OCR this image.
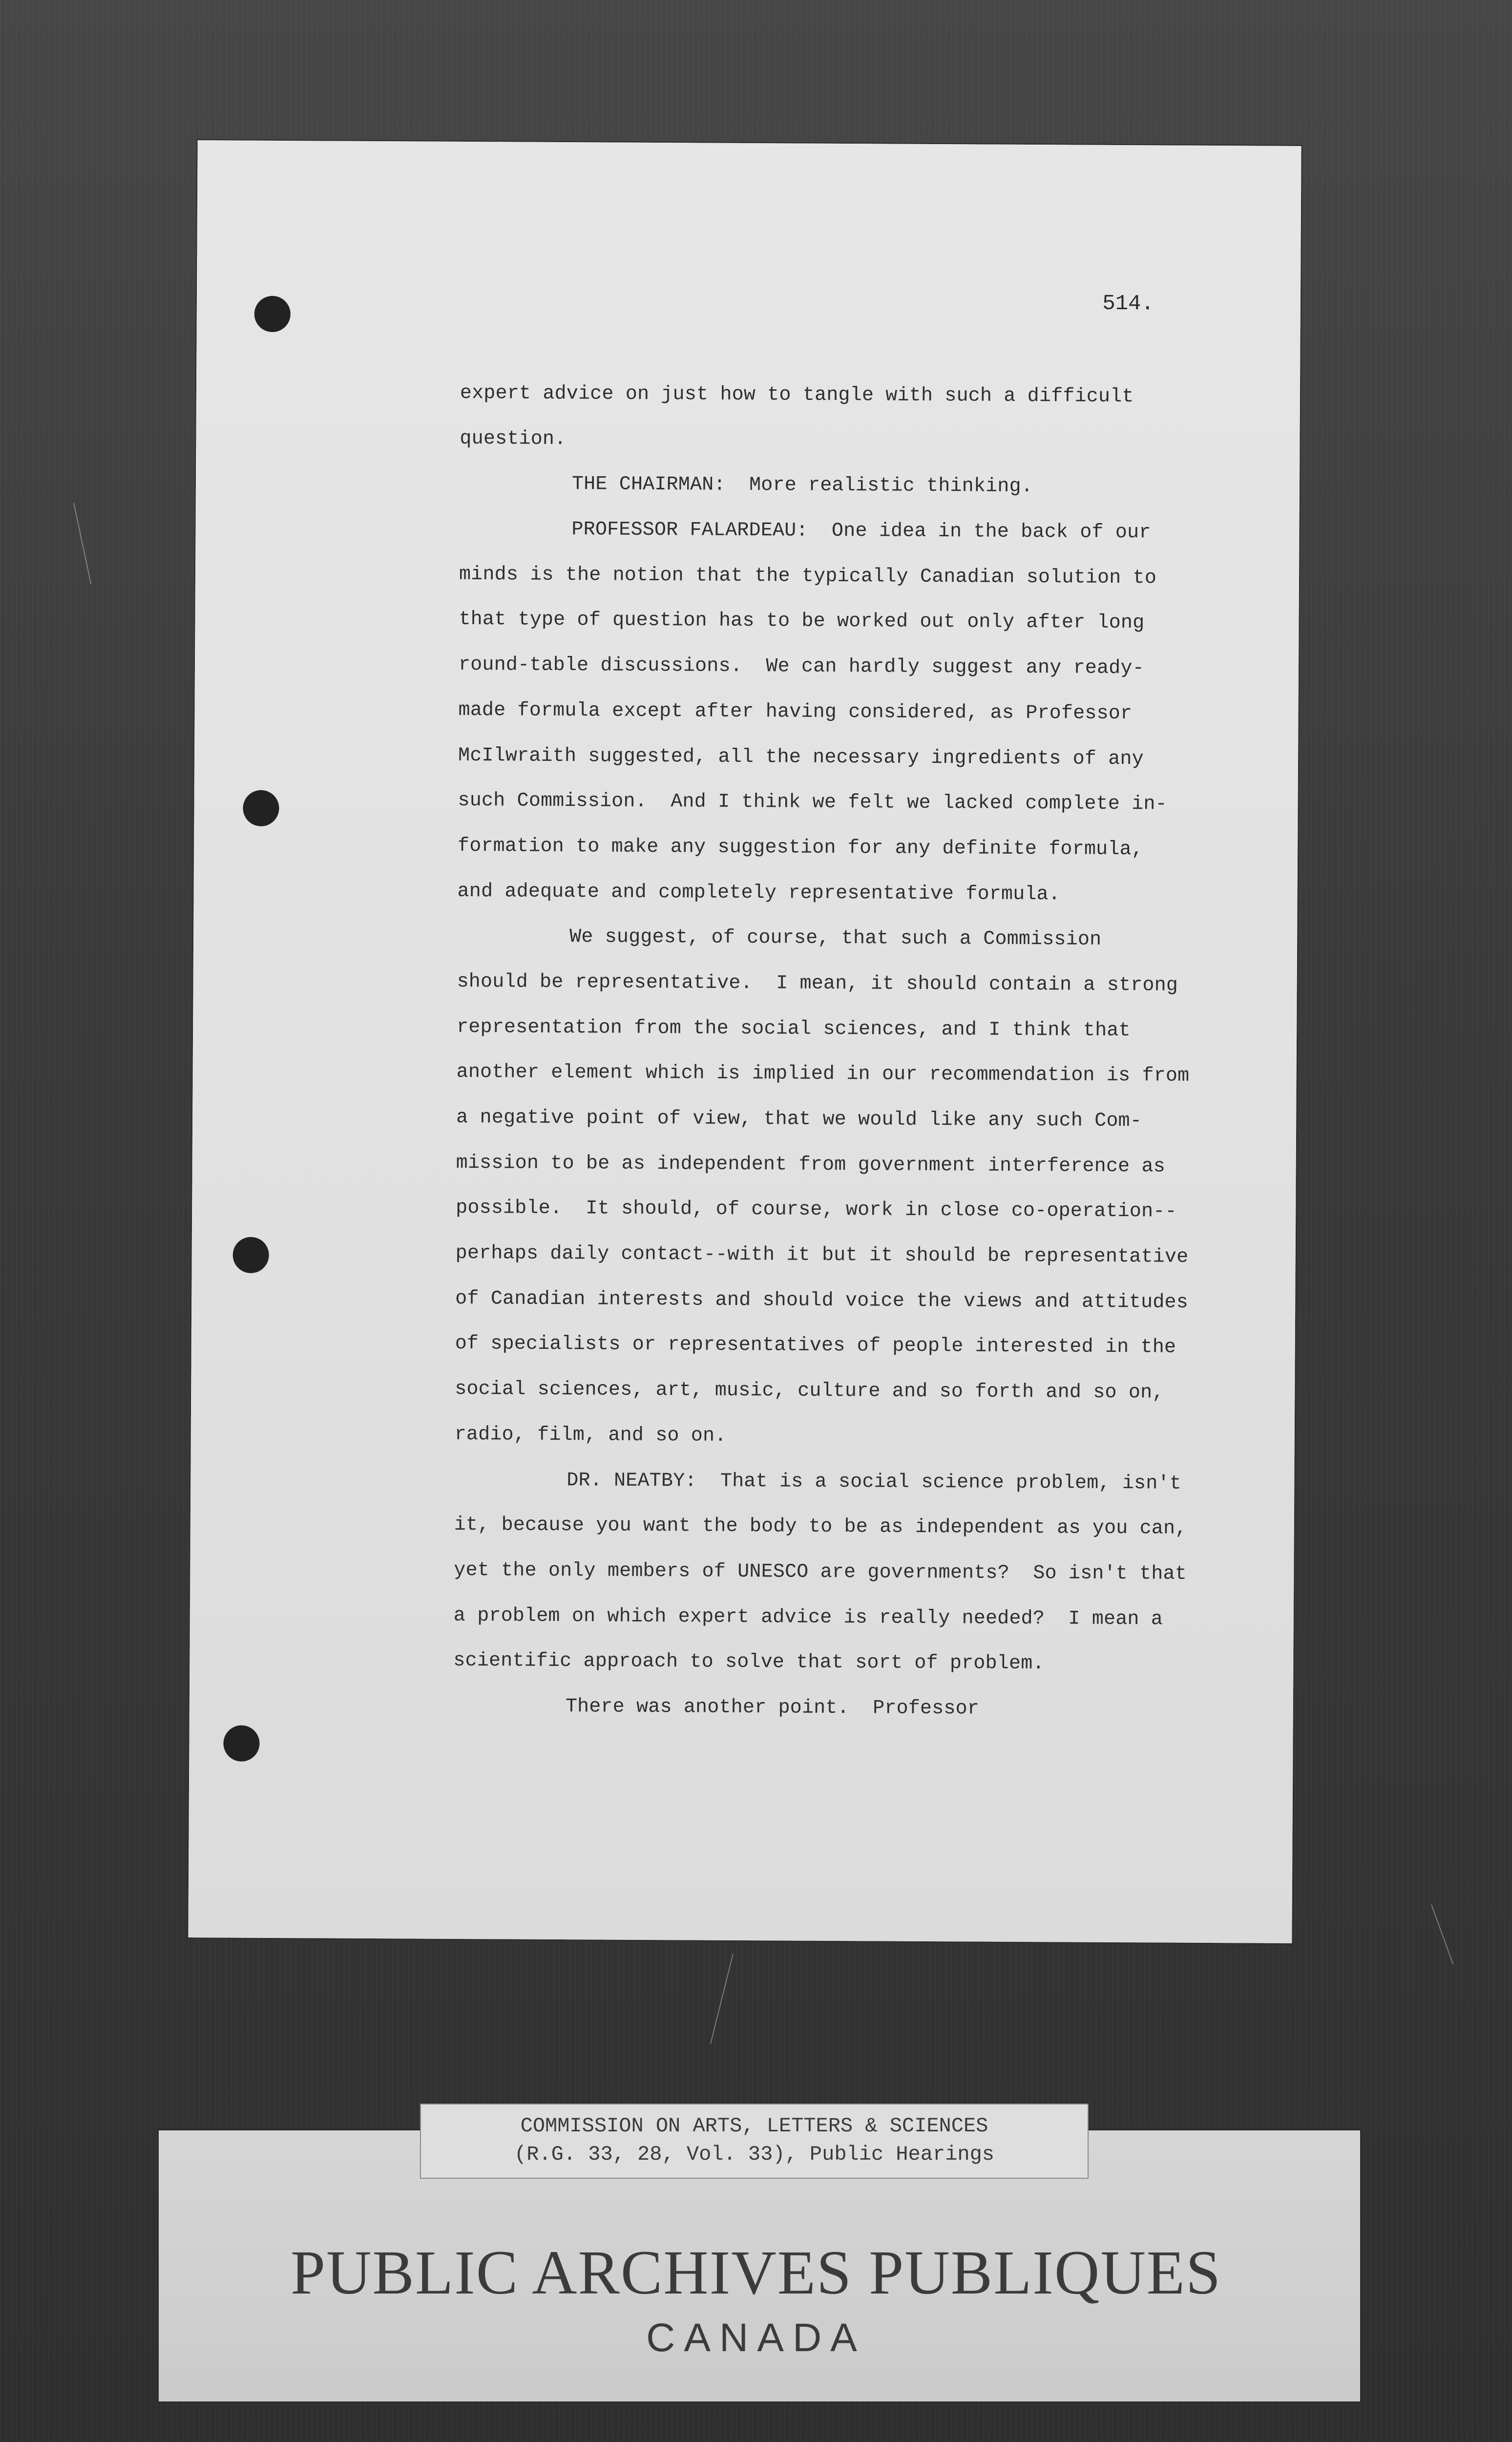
514.
expert advice on just how to tangle with such a difficult
question.
THE CHAIRMAN:  More realistic thinking.
PROFESSOR FALARDEAU:  One idea in the back of our
minds is the notion that the typically Canadian solution to
that type of question has to be worked out only after long
round-table discussions.  We can hardly suggest any ready-
made formula except after having considered, as Professor
McIlwraith suggested, all the necessary ingredients of any
such Commission.  And I think we felt we lacked complete in-
formation to make any suggestion for any definite formula,
and adequate and completely representative formula.
We suggest, of course, that such a Commission
should be representative.  I mean, it should contain a strong
representation from the social sciences, and I think that
another element which is implied in our recommendation is from
a negative point of view, that we would like any such Com-
mission to be as independent from government interference as
possible.  It should, of course, work in close co-operation--
perhaps daily contact--with it but it should be representative
of Canadian interests and should voice the views and attitudes
of specialists or representatives of people interested in the
social sciences, art, music, culture and so forth and so on,
radio, film, and so on.
DR. NEATBY:  That is a social science problem, isn't
it, because you want the body to be as independent as you can,
yet the only members of UNESCO are governments?  So isn't that
a problem on which expert advice is really needed?  I mean a
scientific approach to solve that sort of problem.
There was another point.  Professor
COMMISSION ON ARTS, LETTERS & SCIENCES
(R.G. 33, 28, Vol. 33), Public Hearings
PUBLIC ARCHIVES PUBLIQUES
CANADA
